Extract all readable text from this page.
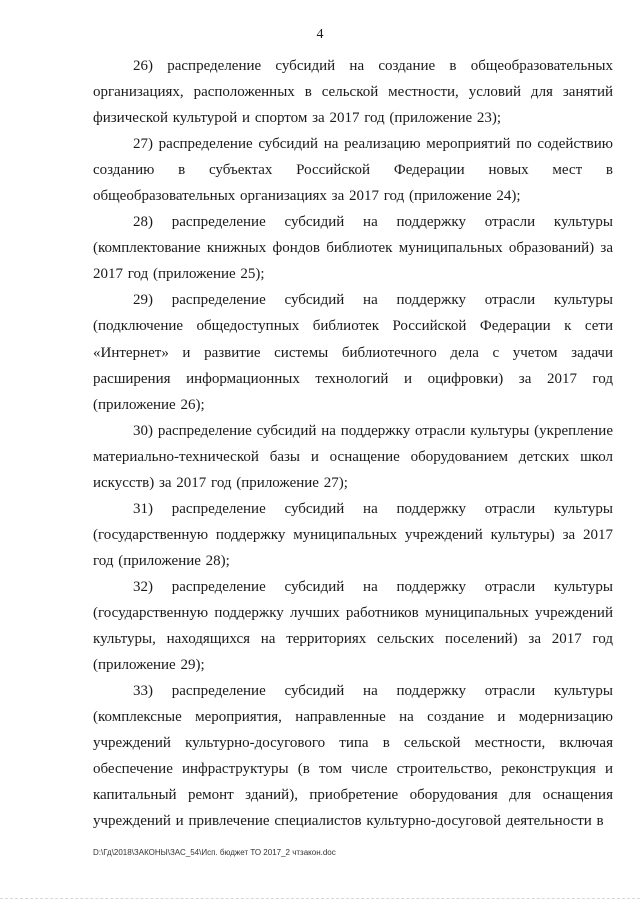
4

26) распределение субсидий на создание в общеобразовательных организациях, расположенных в сельской местности, условий для занятий физической культурой и спортом за 2017 год (приложение 23);

27) распределение субсидий на реализацию мероприятий по содействию созданию в субъектах Российской Федерации новых мест в общеобразовательных организациях за 2017 год (приложение 24);

28) распределение субсидий на поддержку отрасли культуры (комплектование книжных фондов библиотек муниципальных образований) за 2017 год (приложение 25);

29) распределение субсидий на поддержку отрасли культуры (подключение общедоступных библиотек Российской Федерации к сети «Интернет» и развитие системы библиотечного дела с учетом задачи расширения информационных технологий и оцифровки) за 2017 год (приложение 26);

30) распределение субсидий на поддержку отрасли культуры (укрепление материально-технической базы и оснащение оборудованием детских школ искусств) за 2017 год (приложение 27);

31) распределение субсидий на поддержку отрасли культуры (государственную поддержку муниципальных учреждений культуры) за 2017 год (приложение 28);

32) распределение субсидий на поддержку отрасли культуры (государственную поддержку лучших работников муниципальных учреждений культуры, находящихся на территориях сельских поселений) за 2017 год (приложение 29);

33) распределение субсидий на поддержку отрасли культуры (комплексные мероприятия, направленные на создание и модернизацию учреждений культурно-досугового типа в сельской местности, включая обеспечение инфраструктуры (в том числе строительство, реконструкция и капитальный ремонт зданий), приобретение оборудования для оснащения учреждений и привлечение специалистов культурно-досуговой деятельности в

D:\Гд\2018\ЗАКОНЫ\ЗАС_54\Исп. бюджет ТО 2017_2 чтзакон.doc
